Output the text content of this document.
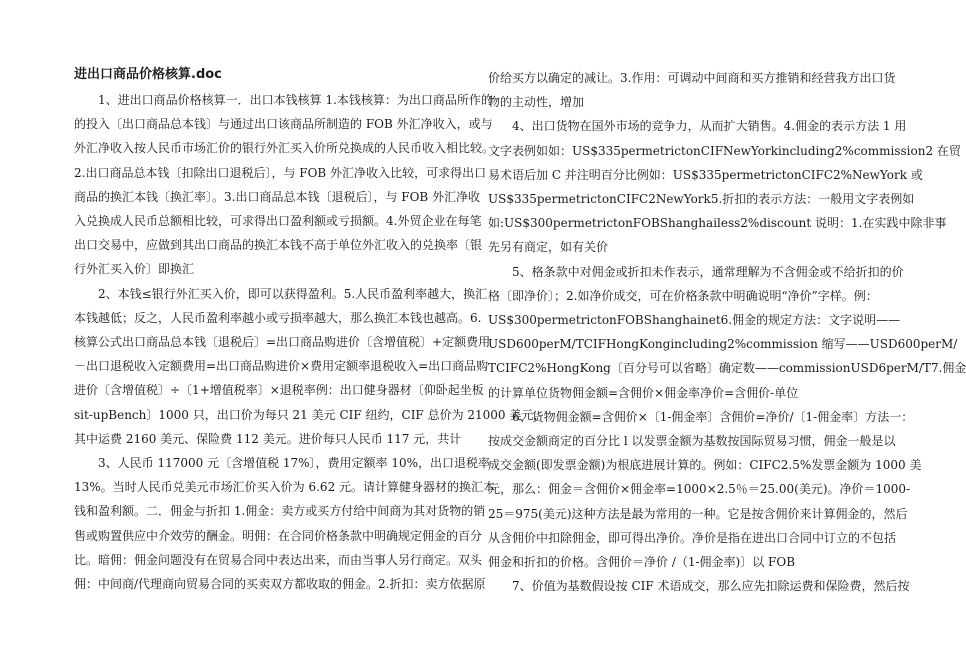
进出口商品价格核算.doc
　　1、进出口商品价格核算一．出口本钱核算 1.本钱核算：为出口商品所作的
的投入〔出口商品总本钱〕与通过出口该商品所制造的 FOB 外汇净收入，或与
外汇净收入按人民币市场汇价的银行外汇买入价所兑换成的人民币收入相比较。
2.出口商品总本钱〔扣除出口退税后〕，与 FOB 外汇净收入比较，可求得出口
商品的换汇本钱〔换汇率〕。3.出口商品总本钱〔退税后〕，与 FOB 外汇净收
入兑换成人民币总额相比较，可求得出口盈利额或亏损额。4.外贸企业在每笔
出口交易中，应做到其出口商品的换汇本钱不高于单位外汇收入的兑换率〔银
行外汇买入价〕即换汇
　　2、本钱≤银行外汇买入价，即可以获得盈利。5.人民币盈利率越大，换汇
本钱越低；反之，人民币盈利率越小或亏损率越大，那么换汇本钱也越高。6.
核算公式出口商品总本钱〔退税后〕=出口商品购进价〔含增值税〕+定额费用
－出口退税收入定额费用=出口商品购进价×费用定额率退税收入=出口商品购
进价〔含增值税〕÷〔1+增值税率〕×退税率例：出口健身器材〔仰卧起坐板
sit-upBench〕1000 只，出口价为每只 21 美元 CIF 纽约，CIF 总价为 21000 美元，
其中运费 2160 美元、保险费 112 美元。进价每只人民币 117 元，共计
　　3、人民币 117000 元〔含增值税 17%〕，费用定额率 10%，出口退税率
13%。当时人民币兑美元市场汇价买入价为 6.62 元。请计算健身器材的换汇本
钱和盈利额。二．佣金与折扣 1.佣金：卖方或买方付给中间商为其对货物的销
售或购置供应中介效劳的酬金。明佣：在合同价格条款中明确规定佣金的百分
比。暗佣：佣金问题没有在贸易合同中表达出来，而由当事人另行商定。双头
佣：中间商/代理商向贸易合同的买卖双方都收取的佣金。2.折扣：卖方依据原
价给买方以确定的减让。3.作用：可调动中间商和买方推销和经营我方出口货
物的主动性，增加
　　4、出口货物在国外市场的竞争力，从而扩大销售。4.佣金的表示方法 1 用
文字表例如如：US$335permetrictonCIFNewYorkincluding2%commission2 在贸
易术语后加 C 并注明百分比例如：US$335permetrictonCIFC2%NewYork 或
US$335permetrictonCIFC2NewYork5.折扣的表示方法：一般用文字表例如
如:US$300permetrictonFOBShanghailess2%discount 说明：1.在实践中除非事
先另有商定，如有关价
　　5、格条款中对佣金或折扣未作表示，通常理解为不含佣金或不给折扣的价
格〔即净价〕；2.如净价成交，可在价格条款中明确说明“净价”字样。例：
US$300permetrictonFOBShanghainet6.佣金的规定方法：文字说明——
USD600perM/TCIFHongKongincluding2%commission 缩写——USD600perM/
TCIFC2%HongKong〔百分号可以省略〕确定数——commissionUSD6perM/T7.佣金
的计算单位货物佣金额=含佣价×佣金率净价=含佣价-单位
　　6、货物佣金额=含佣价×〔1-佣金率〕含佣价=净价/〔1-佣金率〕方法一：
按成交金额商定的百分比 l 以发票金额为基数按国际贸易习惯，佣金一般是以
成交金额(即发票金额)为根底进展计算的。例如：CIFC2.5%发票金额为 1000 美
元，那么：佣金＝含佣价×佣金率=1000×2.5％＝25.00(美元)。净价＝1000-
25＝975(美元)这种方法是最为常用的一种。它是按含佣价来计算佣金的，然后
从含佣价中扣除佣金，即可得出净价。净价是指在进出口合同中订立的不包括
佣金和折扣的价格。含佣价＝净价 /（1-佣金率)〕以 FOB
　　7、价值为基数假设按 CIF 术语成交，那么应先扣除运费和保险费，然后按
